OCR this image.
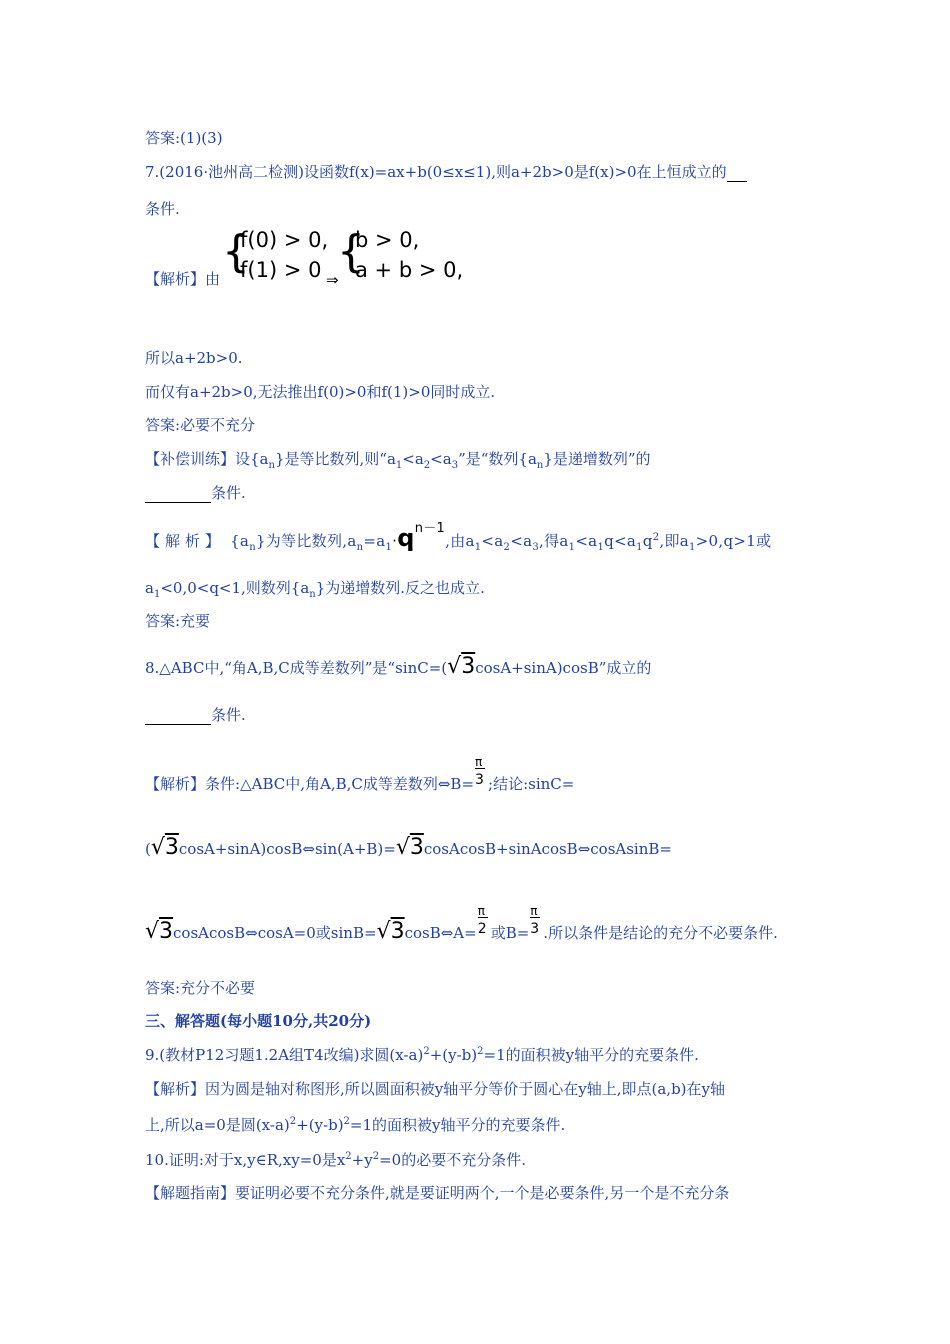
答案:(1)(3)
7.(2016·池州高二检测)设函数f(x)=ax+b(0≤x≤1),则a+2b>0是f(x)>0在上恒成立的
条件.
【解析】由
{
f(0) > 0,
f(1) > 0 ⇒
{
b > 0,
a + b > 0,
所以a+2b>0.
而仅有a+2b>0,无法推出f(0)>0和f(1)>0同时成立.
答案:必要不充分
【补偿训练】设$\{a_n\}$是等比数列,则“$a_1<a_2<a_3$”是“数列$\{a_n\}$是递增数列”的
条件.
【解析】 $\{a_n\}$为等比数列$,a_n=a_1\cdot q^{n-1}$,由$a_1<a_2<a_3$,得$a_1<a_1q<a_1q^2$,即$a_1>0,q>1$或
$a_1<0,0<q<1$,则数列$\{a_n\}$为递增数列.反之也成立.
答案:充要
8.△ABC中,“角A,B,C成等差数列”是“sinC=(√3cosA+sinA)cosB”成立的
条件.
【解析】条件:△ABC中,角A,B,C成等差数列⇔B= $\frac{\pi}{3}$ ;结论:sinC=
(√3cosA+sinA)cosB⇔sin(A+B)=√3cosAcosB+sinAcosB⇔cosAsinB=
√3cosAcosB⇔cosA=0或sinB=√3cosB⇔A= $\frac{\pi}{2}$ 或$B= \frac{\pi}{3}$ .所以条件是结论的充分不必要条件.
答案:充分不必要
三、解答题(每小题10分,共20分)
9.(教材P12习题1.2A组T4改编)求圆$(x-a)^2+(y-b)^2=1$的面积被y轴平分的充要条件.
【解析】因为圆是轴对称图形,所以圆面积被y轴平分等价于圆心在y轴上,即点(a,b)在y轴
上,所以a=0是圆$(x-a)^2+(y-b)^2=1$的面积被y轴平分的充要条件.
10.证明:对于x,y∈R,xy=0是$x^2+y^2=0$的必要不充分条件.
【解题指南】要证明必要不充分条件,就是要证明两个,一个是必要条件,另一个是不充分条
